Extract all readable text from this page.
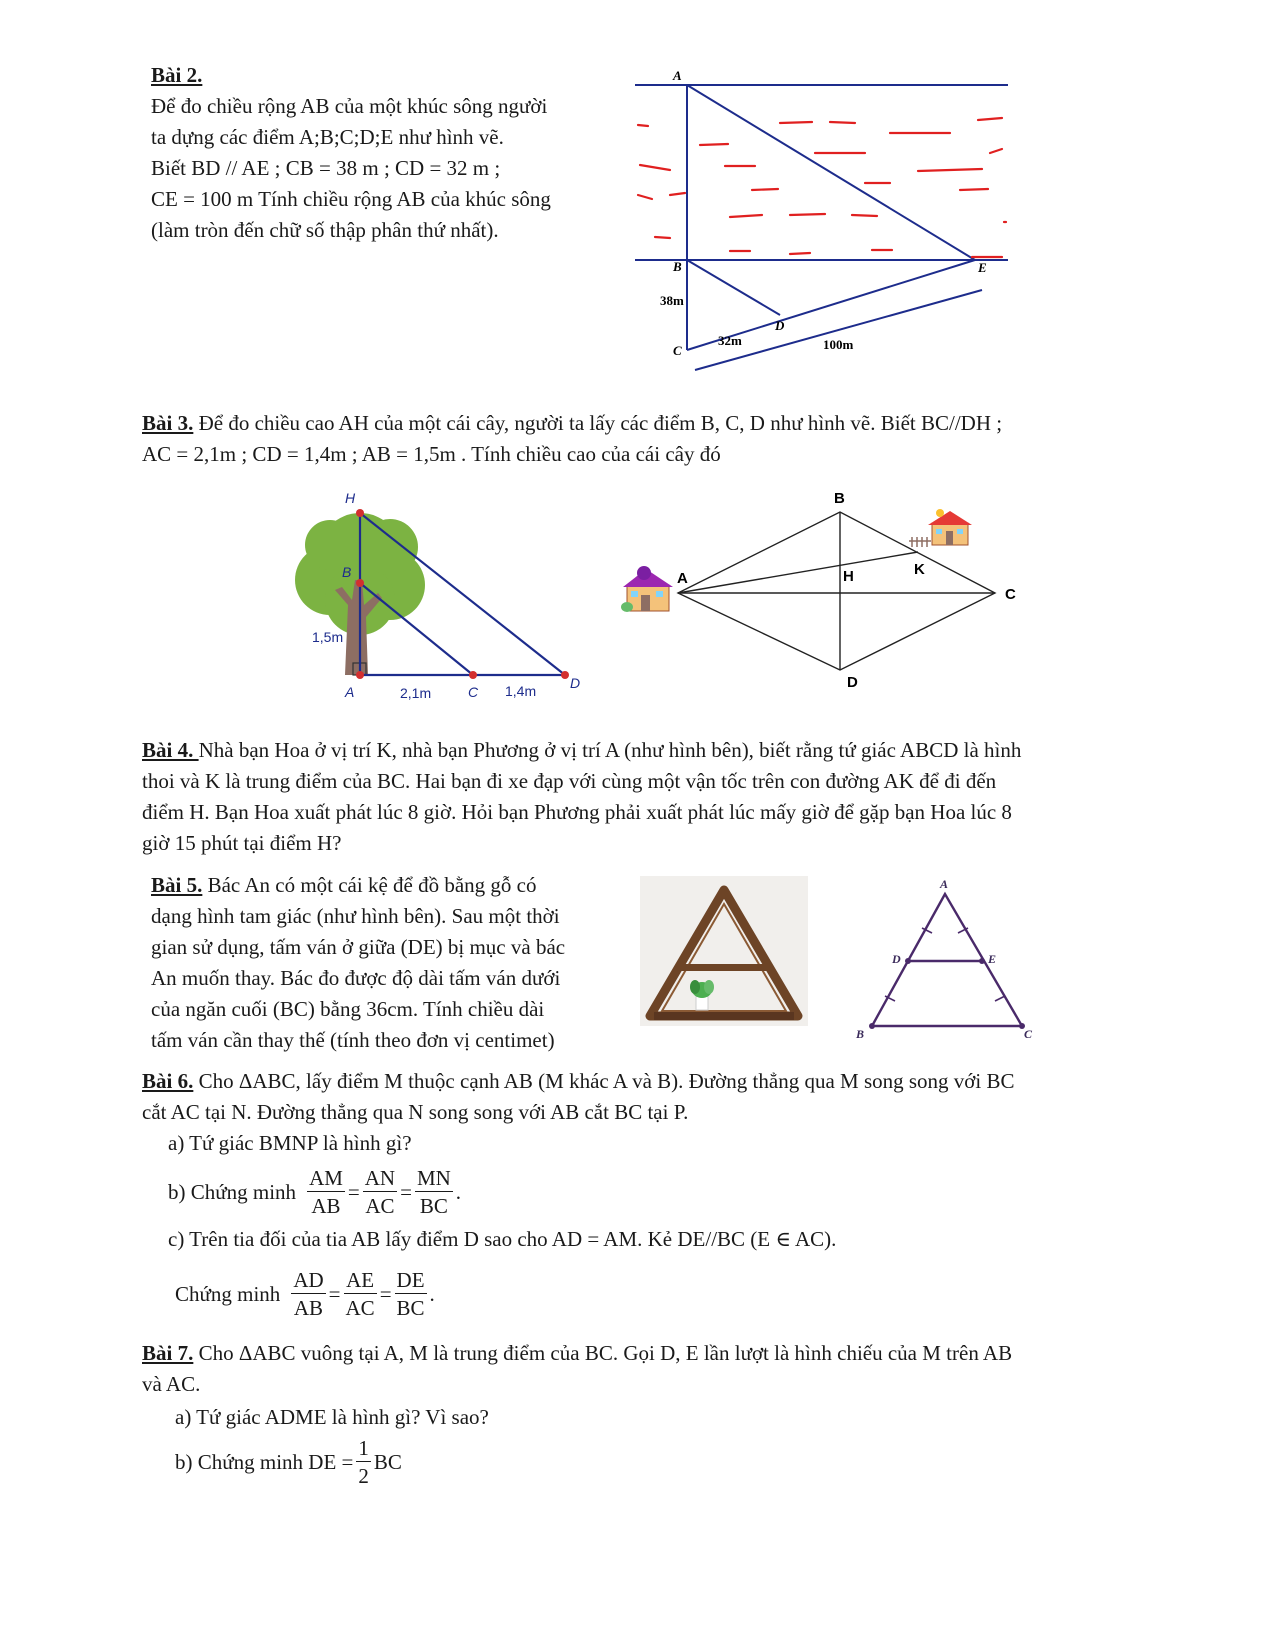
Bài 2.
Để đo chiều rộng AB của một khúc sông người
ta dựng các điểm A;B;C;D;E như hình vẽ.
Biết BD // AE ; CB = 38 m ; CD = 32 m ;
CE = 100 m Tính chiều rộng AB của khúc sông
(làm tròn đến chữ số thập phân thứ nhất).
A
B
C
D
E
38m
32m	100m
Bài 3. Để đo chiều cao AH của một cái cây, người ta lấy các điểm B, C, D như hình vẽ. Biết BC//DH ;
AC = 2,1m ; CD = 1,4m ; AB = 1,5m . Tính chiều cao của cái cây đó
H
B
A	C
D
1,5m
2,1m	1,4m
A
B
C
D
H	K
Bài 4. Nhà bạn Hoa ở vị trí K, nhà bạn Phương ở vị trí A (như hình bên), biết rằng tứ giác ABCD là hình
thoi và K là trung điểm của BC. Hai bạn đi xe đạp với cùng một vận tốc trên con đường AK để đi đến
điểm H. Bạn Hoa xuất phát lúc 8 giờ. Hỏi bạn Phương phải xuất phát lúc mấy giờ để gặp bạn Hoa lúc 8
giờ 15 phút tại điểm H?
Bài 5. Bác An có một cái kệ để đồ bằng gỗ có
dạng hình tam giác (như hình bên). Sau một thời
gian sử dụng, tấm ván ở giữa (DE) bị mục và bác
An muốn thay. Bác đo được độ dài tấm ván dưới
của ngăn cuối (BC) bằng 36cm. Tính chiều dài
tấm ván cần thay thế (tính theo đơn vị centimet)
A
D	E
B	C
Bài 6. Cho ΔABC, lấy điểm M thuộc cạnh AB (M khác A và B). Đường thẳng qua M song song với BC
cắt AC tại N. Đường thẳng qua N song song với AB cắt BC tại P.
a) Tứ giác BMNP là hình gì?
b) Chứng minh $\frac{AM}{AB} = \frac{AN}{AC} = \frac{MN}{BC}$ .
c) Trên tia đối của tia AB lấy điểm D sao cho AD = AM. Kẻ DE//BC (E ∈ AC).
Chứng minh $\frac{AD}{AB} = \frac{AE}{AC} = \frac{DE}{BC}$ .
Bài 7. Cho ΔABC vuông tại A, M là trung điểm của BC. Gọi D, E lần lượt là hình chiếu của M trên AB
và AC.
a) Tứ giác ADME là hình gì? Vì sao?
b) Chứng minh DE = $\frac{1}{2}$ BC
